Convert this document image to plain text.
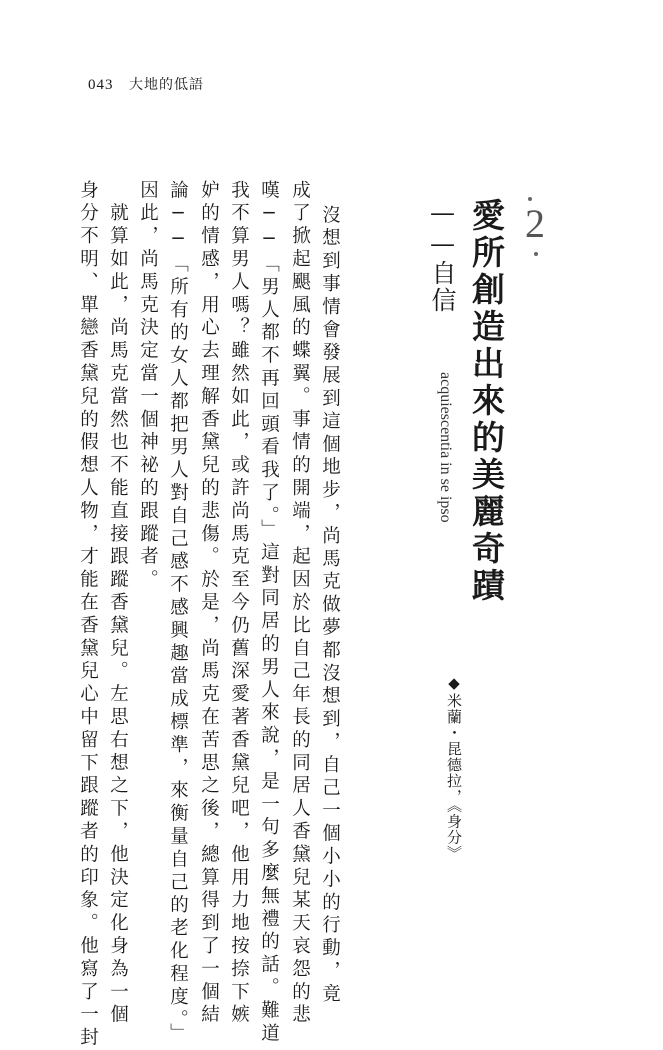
043 大地的低語
2
愛所創造出來的美麗奇蹟
——自信
acquiescentia in se ipso
◆米蘭・昆德拉，《身分》
沒想到事情會發展到這個地步，尚馬克做夢都沒想到，自己一個小小的行動，竟
成了掀起颶風的蝶翼。事情的開端，起因於比自己年長的同居人香黛兒某天哀怨的悲
嘆──「男人都不再回頭看我了。」這對同居的男人來說，是一句多麼無禮的話。難道
我不算男人嗎？雖然如此，或許尚馬克至今仍舊深愛著香黛兒吧，他用力地按捺下嫉
妒的情感，用心去理解香黛兒的悲傷。於是，尚馬克在苦思之後，總算得到了一個結
論──「所有的女人都把男人對自己感不感興趣當成標準，來衡量自己的老化程度。」
因此，尚馬克決定當一個神祕的跟蹤者。
　就算如此，尚馬克當然也不能直接跟蹤香黛兒。左思右想之下，他決定化身為一個
身分不明、單戀香黛兒的假想人物，才能在香黛兒心中留下跟蹤者的印象。他寫了一封
